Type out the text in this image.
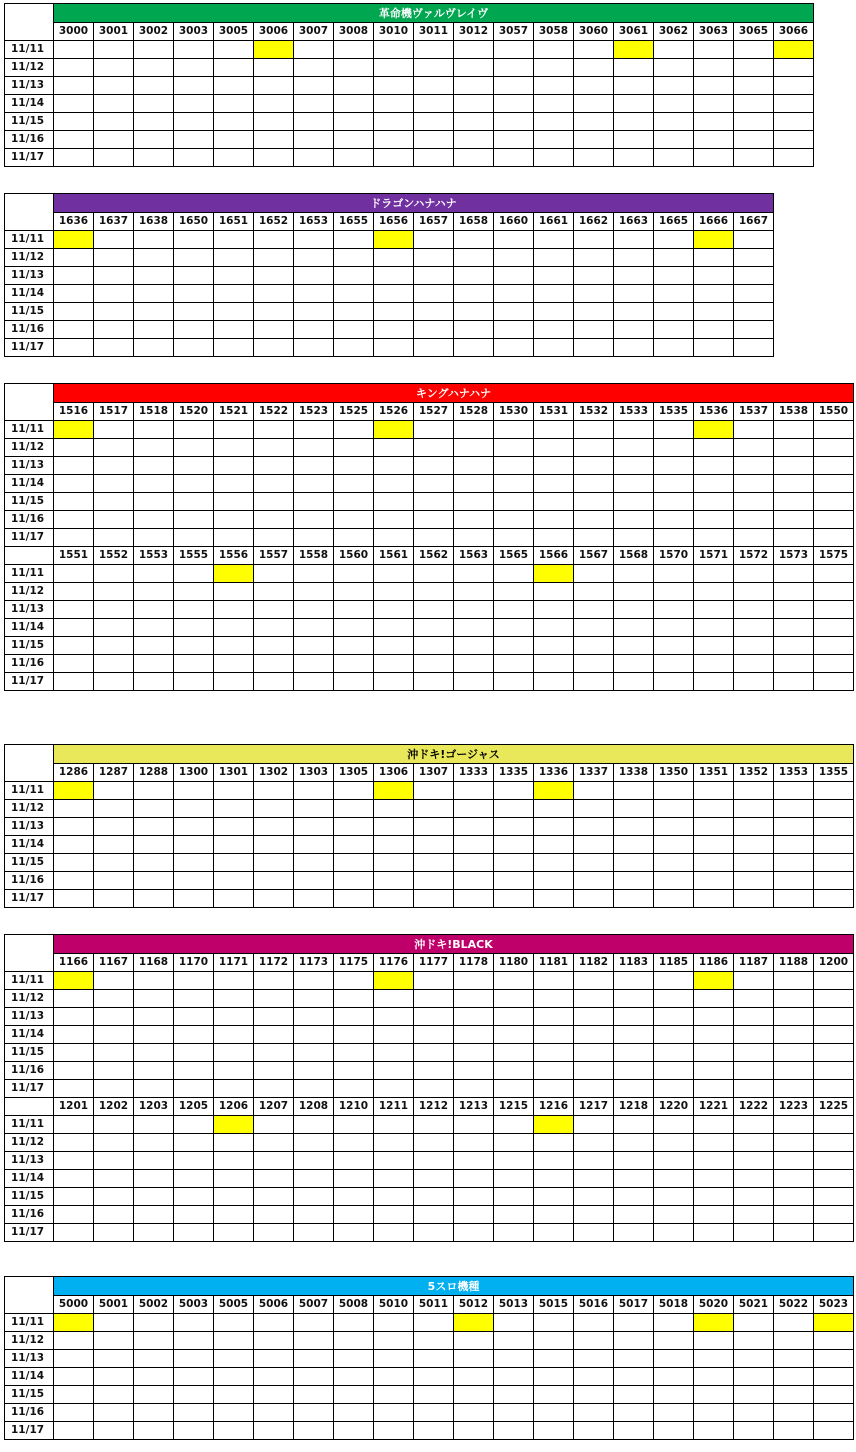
	革命機ヴァルヴレイヴ																		
	3000	3001	3002	3003	3005	3006	3007	3008	3010	3011	3012	3057	3058	3060	3061	3062	3063	3065	3066
11/11																			
11/12																			
11/13																			
11/14																			
11/15																			
11/16																			
11/17																			
	ドラゴンハナハナ																	
	1636	1637	1638	1650	1651	1652	1653	1655	1656	1657	1658	1660	1661	1662	1663	1665	1666	1667
11/11																		
11/12																		
11/13																		
11/14																		
11/15																		
11/16																		
11/17																		
	キングハナハナ																			
	1516	1517	1518	1520	1521	1522	1523	1525	1526	1527	1528	1530	1531	1532	1533	1535	1536	1537	1538	1550
11/11																				
11/12																				
11/13																				
11/14																				
11/15																				
11/16																				
11/17																				
	1551	1552	1553	1555	1556	1557	1558	1560	1561	1562	1563	1565	1566	1567	1568	1570	1571	1572	1573	1575
11/11																				
11/12																				
11/13																				
11/14																				
11/15																				
11/16																				
11/17																				
	沖ドキ!ゴージャス																			
	1286	1287	1288	1300	1301	1302	1303	1305	1306	1307	1333	1335	1336	1337	1338	1350	1351	1352	1353	1355
11/11																				
11/12																				
11/13																				
11/14																				
11/15																				
11/16																				
11/17																				
	沖ドキ!BLACK																			
	1166	1167	1168	1170	1171	1172	1173	1175	1176	1177	1178	1180	1181	1182	1183	1185	1186	1187	1188	1200
11/11																				
11/12																				
11/13																				
11/14																				
11/15																				
11/16																				
11/17																				
	1201	1202	1203	1205	1206	1207	1208	1210	1211	1212	1213	1215	1216	1217	1218	1220	1221	1222	1223	1225
11/11																				
11/12																				
11/13																				
11/14																				
11/15																				
11/16																				
11/17																				
	5スロ機種																			
	5000	5001	5002	5003	5005	5006	5007	5008	5010	5011	5012	5013	5015	5016	5017	5018	5020	5021	5022	5023
11/11																				
11/12																				
11/13																				
11/14																				
11/15																				
11/16																				
11/17																				
